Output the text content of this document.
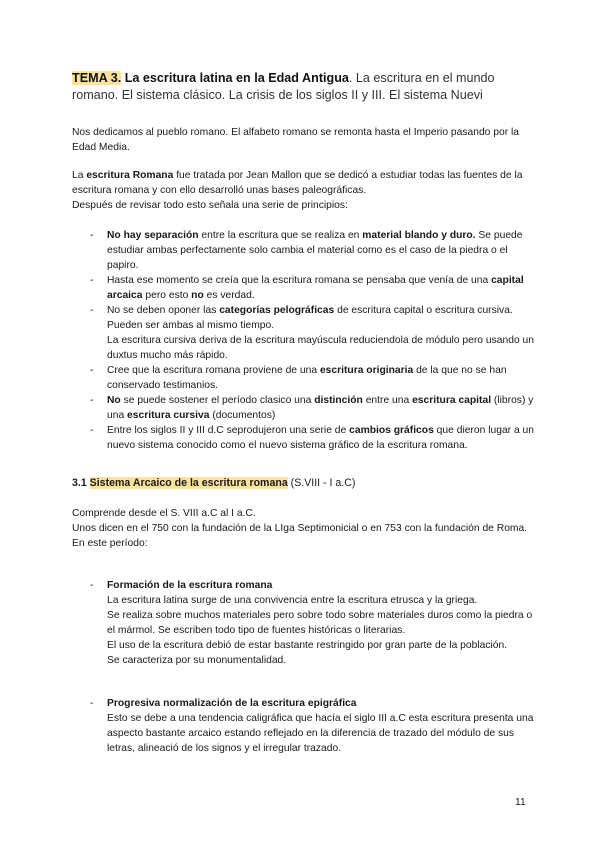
TEMA 3. La escritura latina en la Edad Antigua. La escritura en el mundo romano. El sistema clásico. La crisis de los siglos II y III. El sistema Nuevi

Nos dedicamos al pueblo romano. El alfabeto romano se remonta hasta el Imperio pasando por la Edad Media.

La escritura Romana fue tratada por Jean Mallon que se dedicó a estudiar todas las fuentes de la escritura romana y con ello desarrolló unas bases paleográficas.
Después de revisar todo esto señala una serie de principios:

- No hay separación entre la escritura que se realiza en material blando y duro. Se puede estudiar ambas perfectamente solo cambia el material como es el caso de la piedra o el papiro.
- Hasta ese momento se creía que la escritura romana se pensaba que venía de una capital arcaica pero esto no es verdad.
- No se deben oponer las categorías pelográficas de escritura capital o escritura cursiva. Pueden ser ambas al mismo tiempo.
La escritura cursiva deriva de la escritura mayúscula reduciendola de módulo pero usando un duxtus mucho más rápido.
- Cree que la escritura romana proviene de una escritura originaria de la que no se han conservado testimanios.
- No se puede sostener el período clasico una distinción entre una escritura capital (libros) y una escritura cursiva (documentos)
- Entre los siglos II y III d.C seprodujeron una serie de cambios gráficos que dieron lugar a un nuevo sistema conocido como el nuevo sistema gráfico de la escritura romana.
3.1 Sistema Arcaico de la escritura romana (S.VIII - I a.C)

Comprende desde el S. VIII a.C al I a.C.
Unos dicen en el 750 con la fundación de la LIga Septimonicial o en 753 con la fundación de Roma.
En este período:

- Formación de la escritura romana
La escritura latina surge de una convivencia entre la escritura etrusca y la griega.
Se realiza sobre muchos materiales pero sobre todo sobre materiales duros como la piedra o el mármol. Se escriben todo tipo de fuentes históricas o literarias.
El uso de la escritura debió de estar bastante restringido por gran parte de la población.
Se caracteriza por su monumentalidad.
- Progresiva normalización de la escritura epigráfica
Esto se debe a una tendencia caligráfica que hacía el siglo III a.C esta escritura presenta una aspecto bastante arcaico estando reflejado en la diferencia de trazado del módulo de sus letras, alineació de los signos y el irregular trazado.
11
